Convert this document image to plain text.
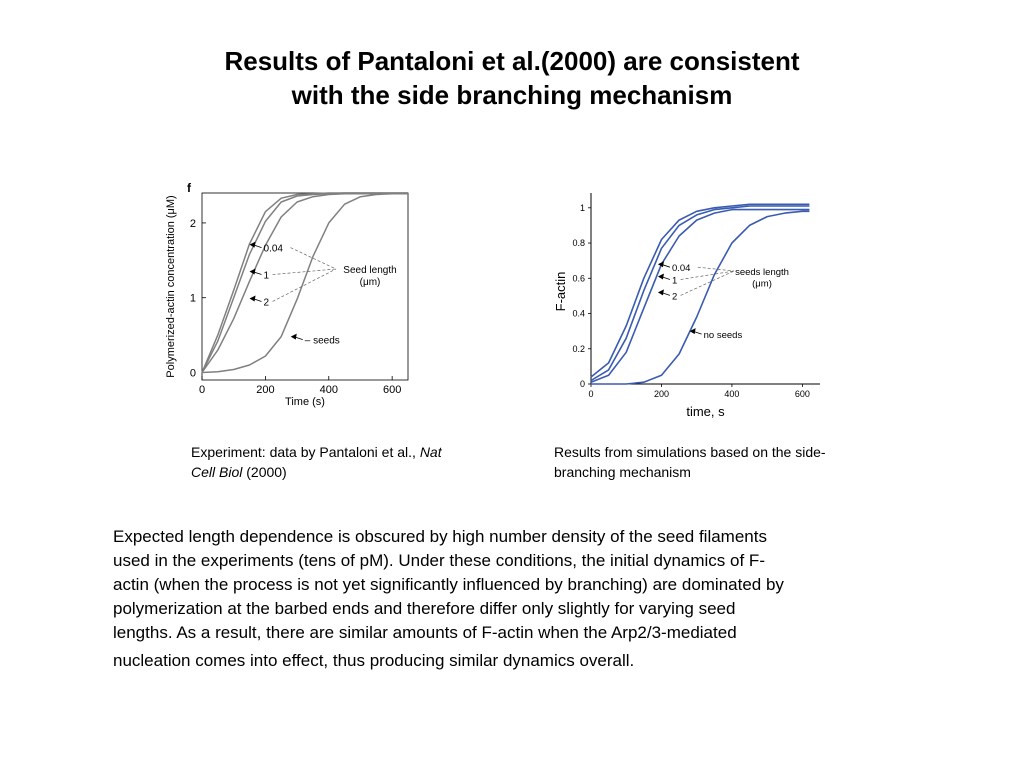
Results of Pantaloni et al.(2000) are consistent
with the side branching mechanism
f
0	200	400	600
0
1
2
Time (s)
Polymerized-actin concentration (μM)	0.04
1
2
– seeds
Seed length
(μm)
0	200	400	600
0
0.2
0.4
0.6
0.8
1
time, s
F-actin
0.04
1
2
no seeds
seeds length
(μm)
Experiment: data by Pantaloni et al., Nat Cell Biol (2000)
Results from simulations based on the side-branching mechanism
Expected length dependence is obscured by high number density of the seed filaments
used in the experiments (tens of pM). Under these conditions, the initial dynamics of F-
actin (when the process is not yet significantly influenced by branching) are dominated by
polymerization at the barbed ends and therefore differ only slightly for varying seed
lengths. As a result, there are similar amounts of F-actin when the Arp2/3-mediated
nucleation comes into effect, thus producing similar dynamics overall.
